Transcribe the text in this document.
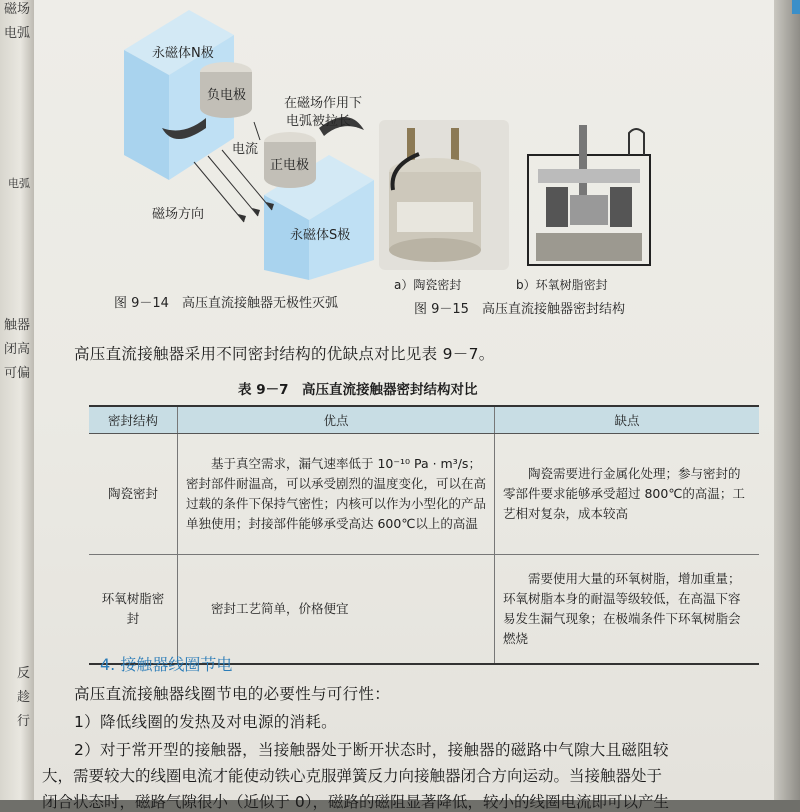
磁场
电弧
电弧
触器
闭高
可偏
反
趁
行
永磁体N极
负电极
在磁场作用下
电弧被拉长
电流
正电极
磁场方向
永磁体S极
图 9－14　高压直流接触器无极性灭弧
a）陶瓷密封	b）环氧树脂密封
图 9－15　高压直流接触器密封结构
高压直流接触器采用不同密封结构的优缺点对比见表 9－7。
表 9－7　高压直流接触器密封结构对比
密封结构	优点	缺点
陶瓷密封	基于真空需求，漏气速率低于 10⁻¹⁰ Pa · m³/s；密封部件耐温高，可以承受剧烈的温度变化，可以在高过载的条件下保持气密性；内核可以作为小型化的产品单独使用；封接部件能够承受高达 600℃以上的高温	陶瓷需要进行金属化处理；参与密封的零部件要求能够承受超过 800℃的高温；工艺相对复杂，成本较高
环氧树脂密封	密封工艺简单，价格便宜	需要使用大量的环氧树脂，增加重量；环氧树脂本身的耐温等级较低，在高温下容易发生漏气现象；在极端条件下环氧树脂会燃烧
4. 接触器线圈节电
高压直流接触器线圈节电的必要性与可行性：
1）降低线圈的发热及对电源的消耗。
2）对于常开型的接触器，当接触器处于断开状态时，接触器的磁路中气隙大且磁阻较
大，需要较大的线圈电流才能使动铁心克服弹簧反力向接触器闭合方向运动。当接触器处于
闭合状态时，磁路气隙很小（近似于 0），磁路的磁阻显著降低，较小的线圈电流即可以产生
